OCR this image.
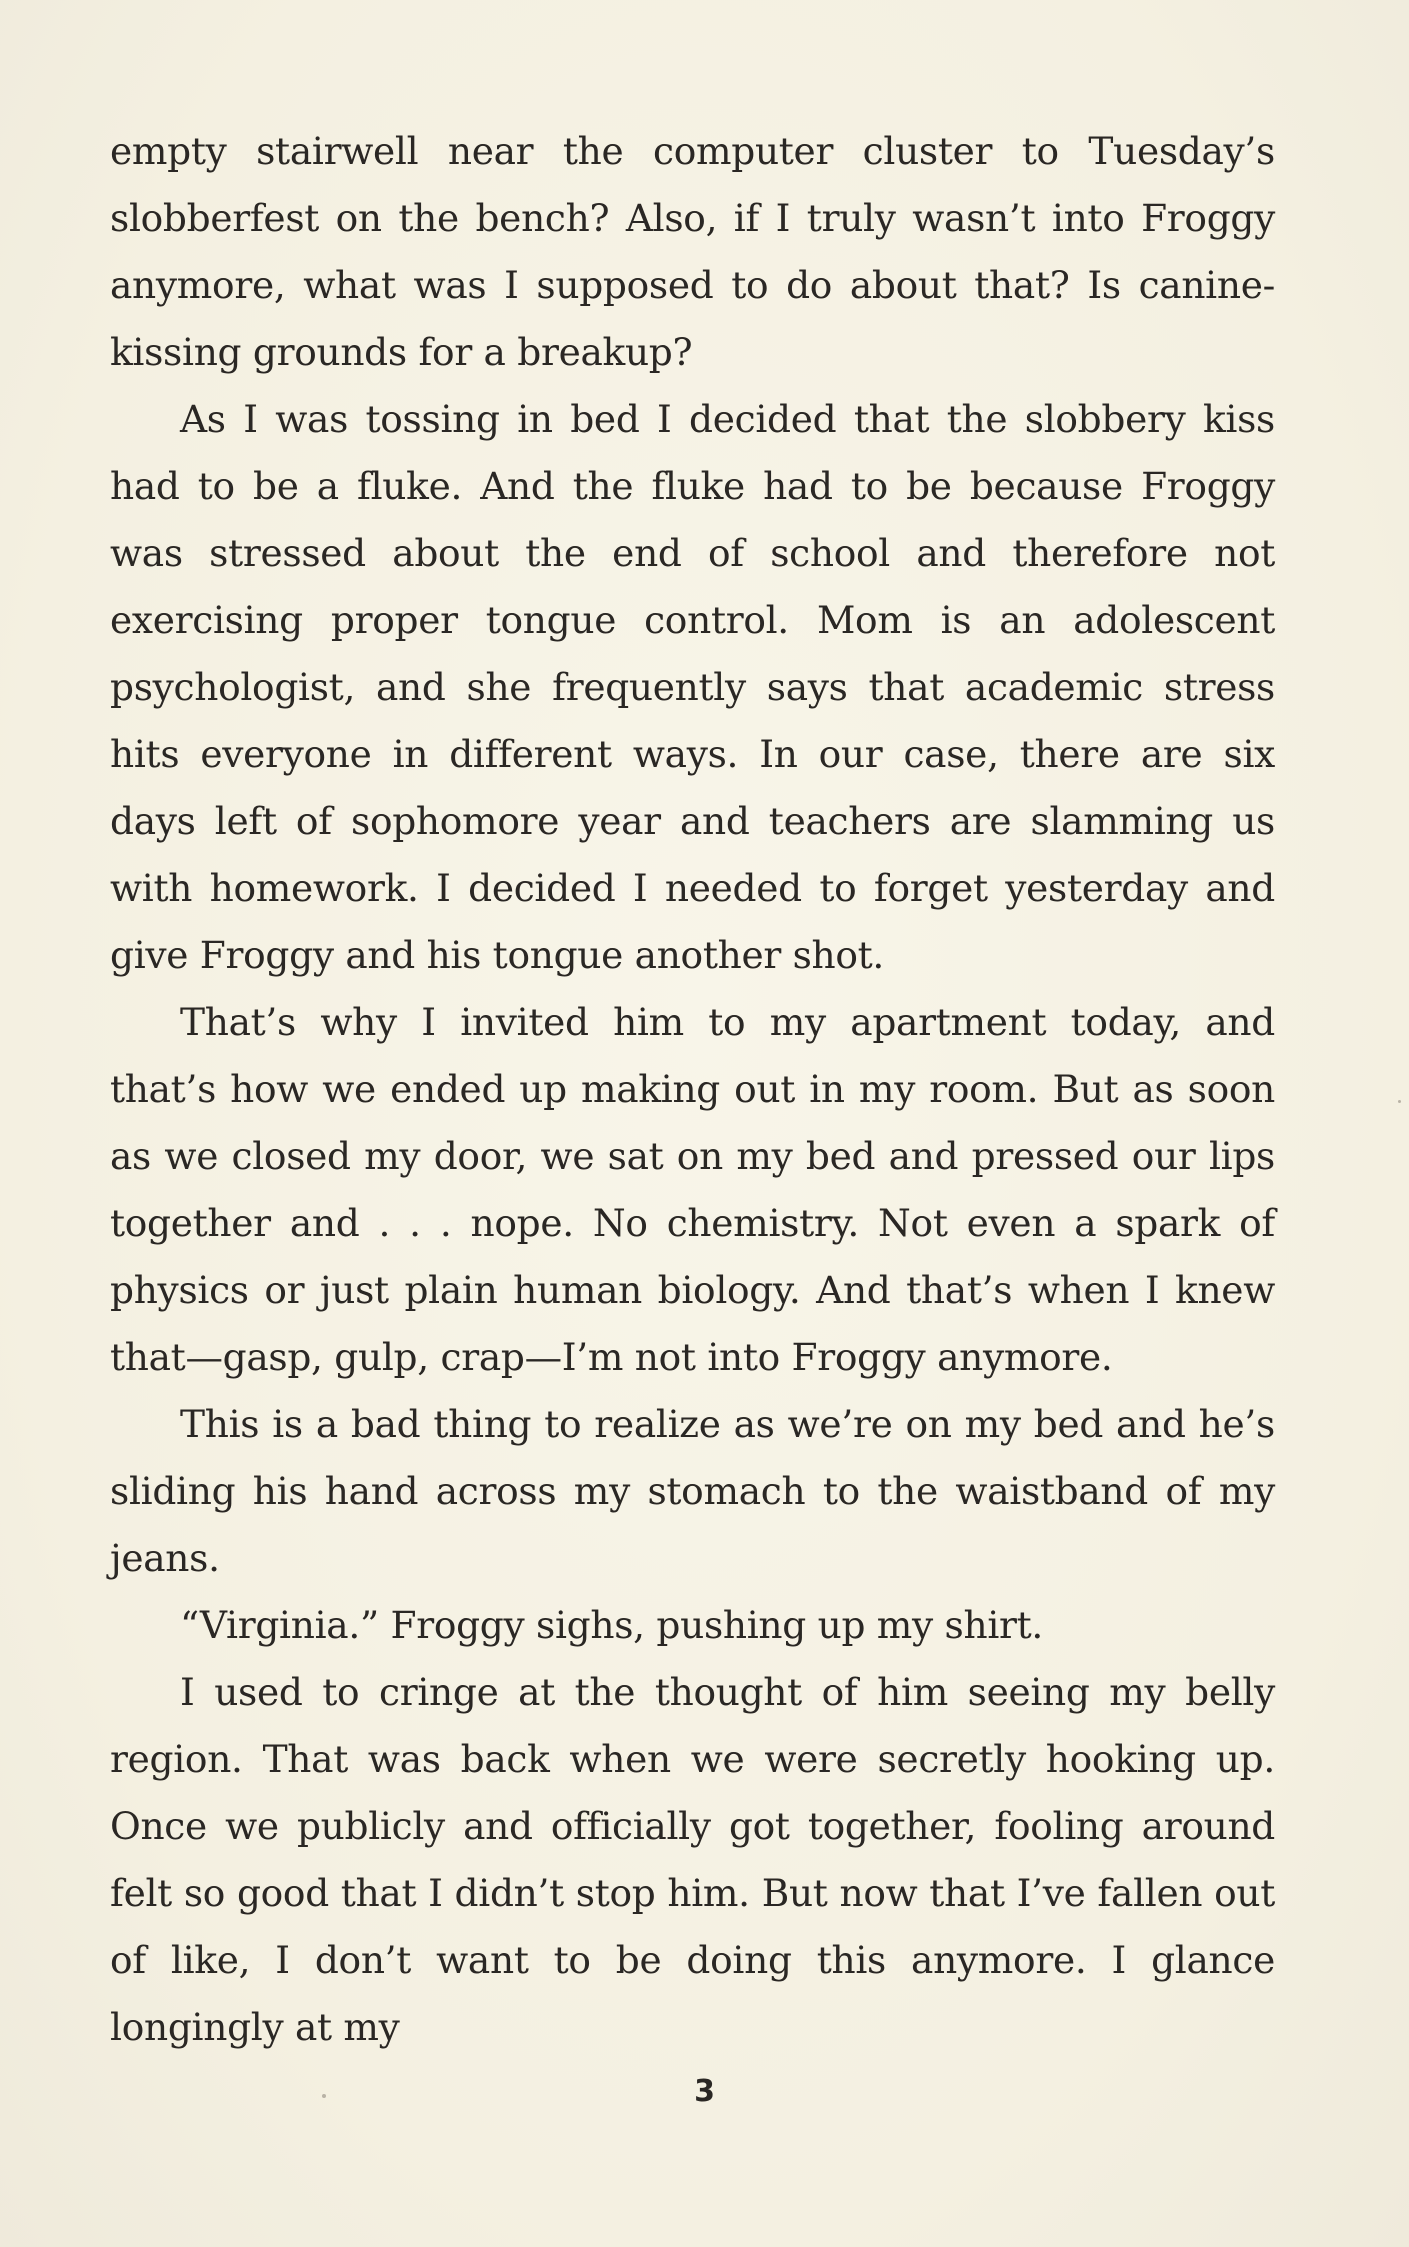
empty stairwell near the computer cluster to Tuesday’s slobberfest on the bench? Also, if I truly wasn’t into Froggy anymore, what was I supposed to do about that? Is canine-kissing grounds for a breakup?

As I was tossing in bed I decided that the slobbery kiss had to be a fluke. And the fluke had to be because Froggy was stressed about the end of school and therefore not exercising proper tongue control. Mom is an adolescent psychologist, and she frequently says that academic stress hits everyone in different ways. In our case, there are six days left of sophomore year and teachers are slamming us with homework. I decided I needed to forget yesterday and give Froggy and his tongue another shot.

That’s why I invited him to my apartment today, and that’s how we ended up making out in my room. But as soon as we closed my door, we sat on my bed and pressed our lips together and . . . nope. No chemistry. Not even a spark of physics or just plain human biology. And that’s when I knew that—gasp, gulp, crap—I’m not into Froggy anymore.

This is a bad thing to realize as we’re on my bed and he’s sliding his hand across my stomach to the waistband of my jeans.

“Virginia.” Froggy sighs, pushing up my shirt.

I used to cringe at the thought of him seeing my belly region. That was back when we were secretly hooking up. Once we publicly and officially got together, fooling around felt so good that I didn’t stop him. But now that I’ve fallen out of like, I don’t want to be doing this anymore. I glance longingly at my

3
